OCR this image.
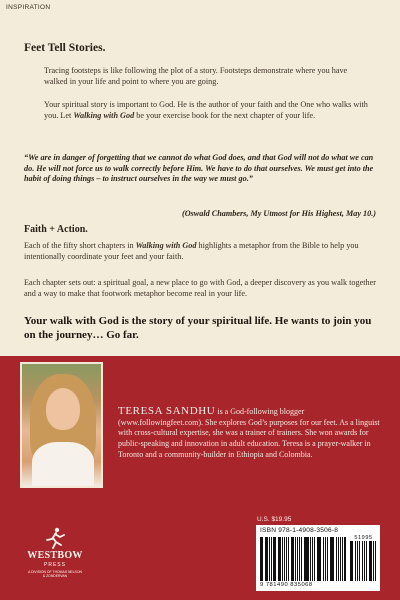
INSPIRATION
Feet Tell Stories.

Tracing footsteps is like following the plot of a story. Footsteps demonstrate where you have walked in your life and point to where you are going.

Your spiritual story is important to God. He is the author of your faith and the One who walks with you. Let Walking with God be your exercise book for the next chapter of your life.

“We are in danger of forgetting that we cannot do what God does, and that God will not do what we can do. He will not force us to walk correctly before Him. We have to do that ourselves. We must get into the habit of doing things – to instruct ourselves in the way we must go.”

(Oswald Chambers, My Utmost for His Highest, May 10.)
Faith + Action.

Each of the fifty short chapters in Walking with God highlights a metaphor from the Bible to help you intentionally coordinate your feet and your faith.

Each chapter sets out: a spiritual goal, a new place to go with God, a deeper discovery as you walk together and a way to make that footwork metaphor become real in your life.

Your walk with God is the story of your spiritual life. He wants to join you on the journey… Go far.

TERESA SANDHU is a God-following blogger (www.followingfeet.com). She explores God’s purposes for our feet. As a linguist with cross-cultural expertise, she was a trainer of trainers. She won awards for public-speaking and innovation in adult education. Teresa is a prayer-walker in Toronto and a community-builder in Ethiopia and Colombia.

WESTBOW
PRESS
A DIVISION OF THOMAS NELSON
& ZONDERVAN
U.S. $19.95
ISBN 978-1-4908-3506-8
51995
9 781490 835068
